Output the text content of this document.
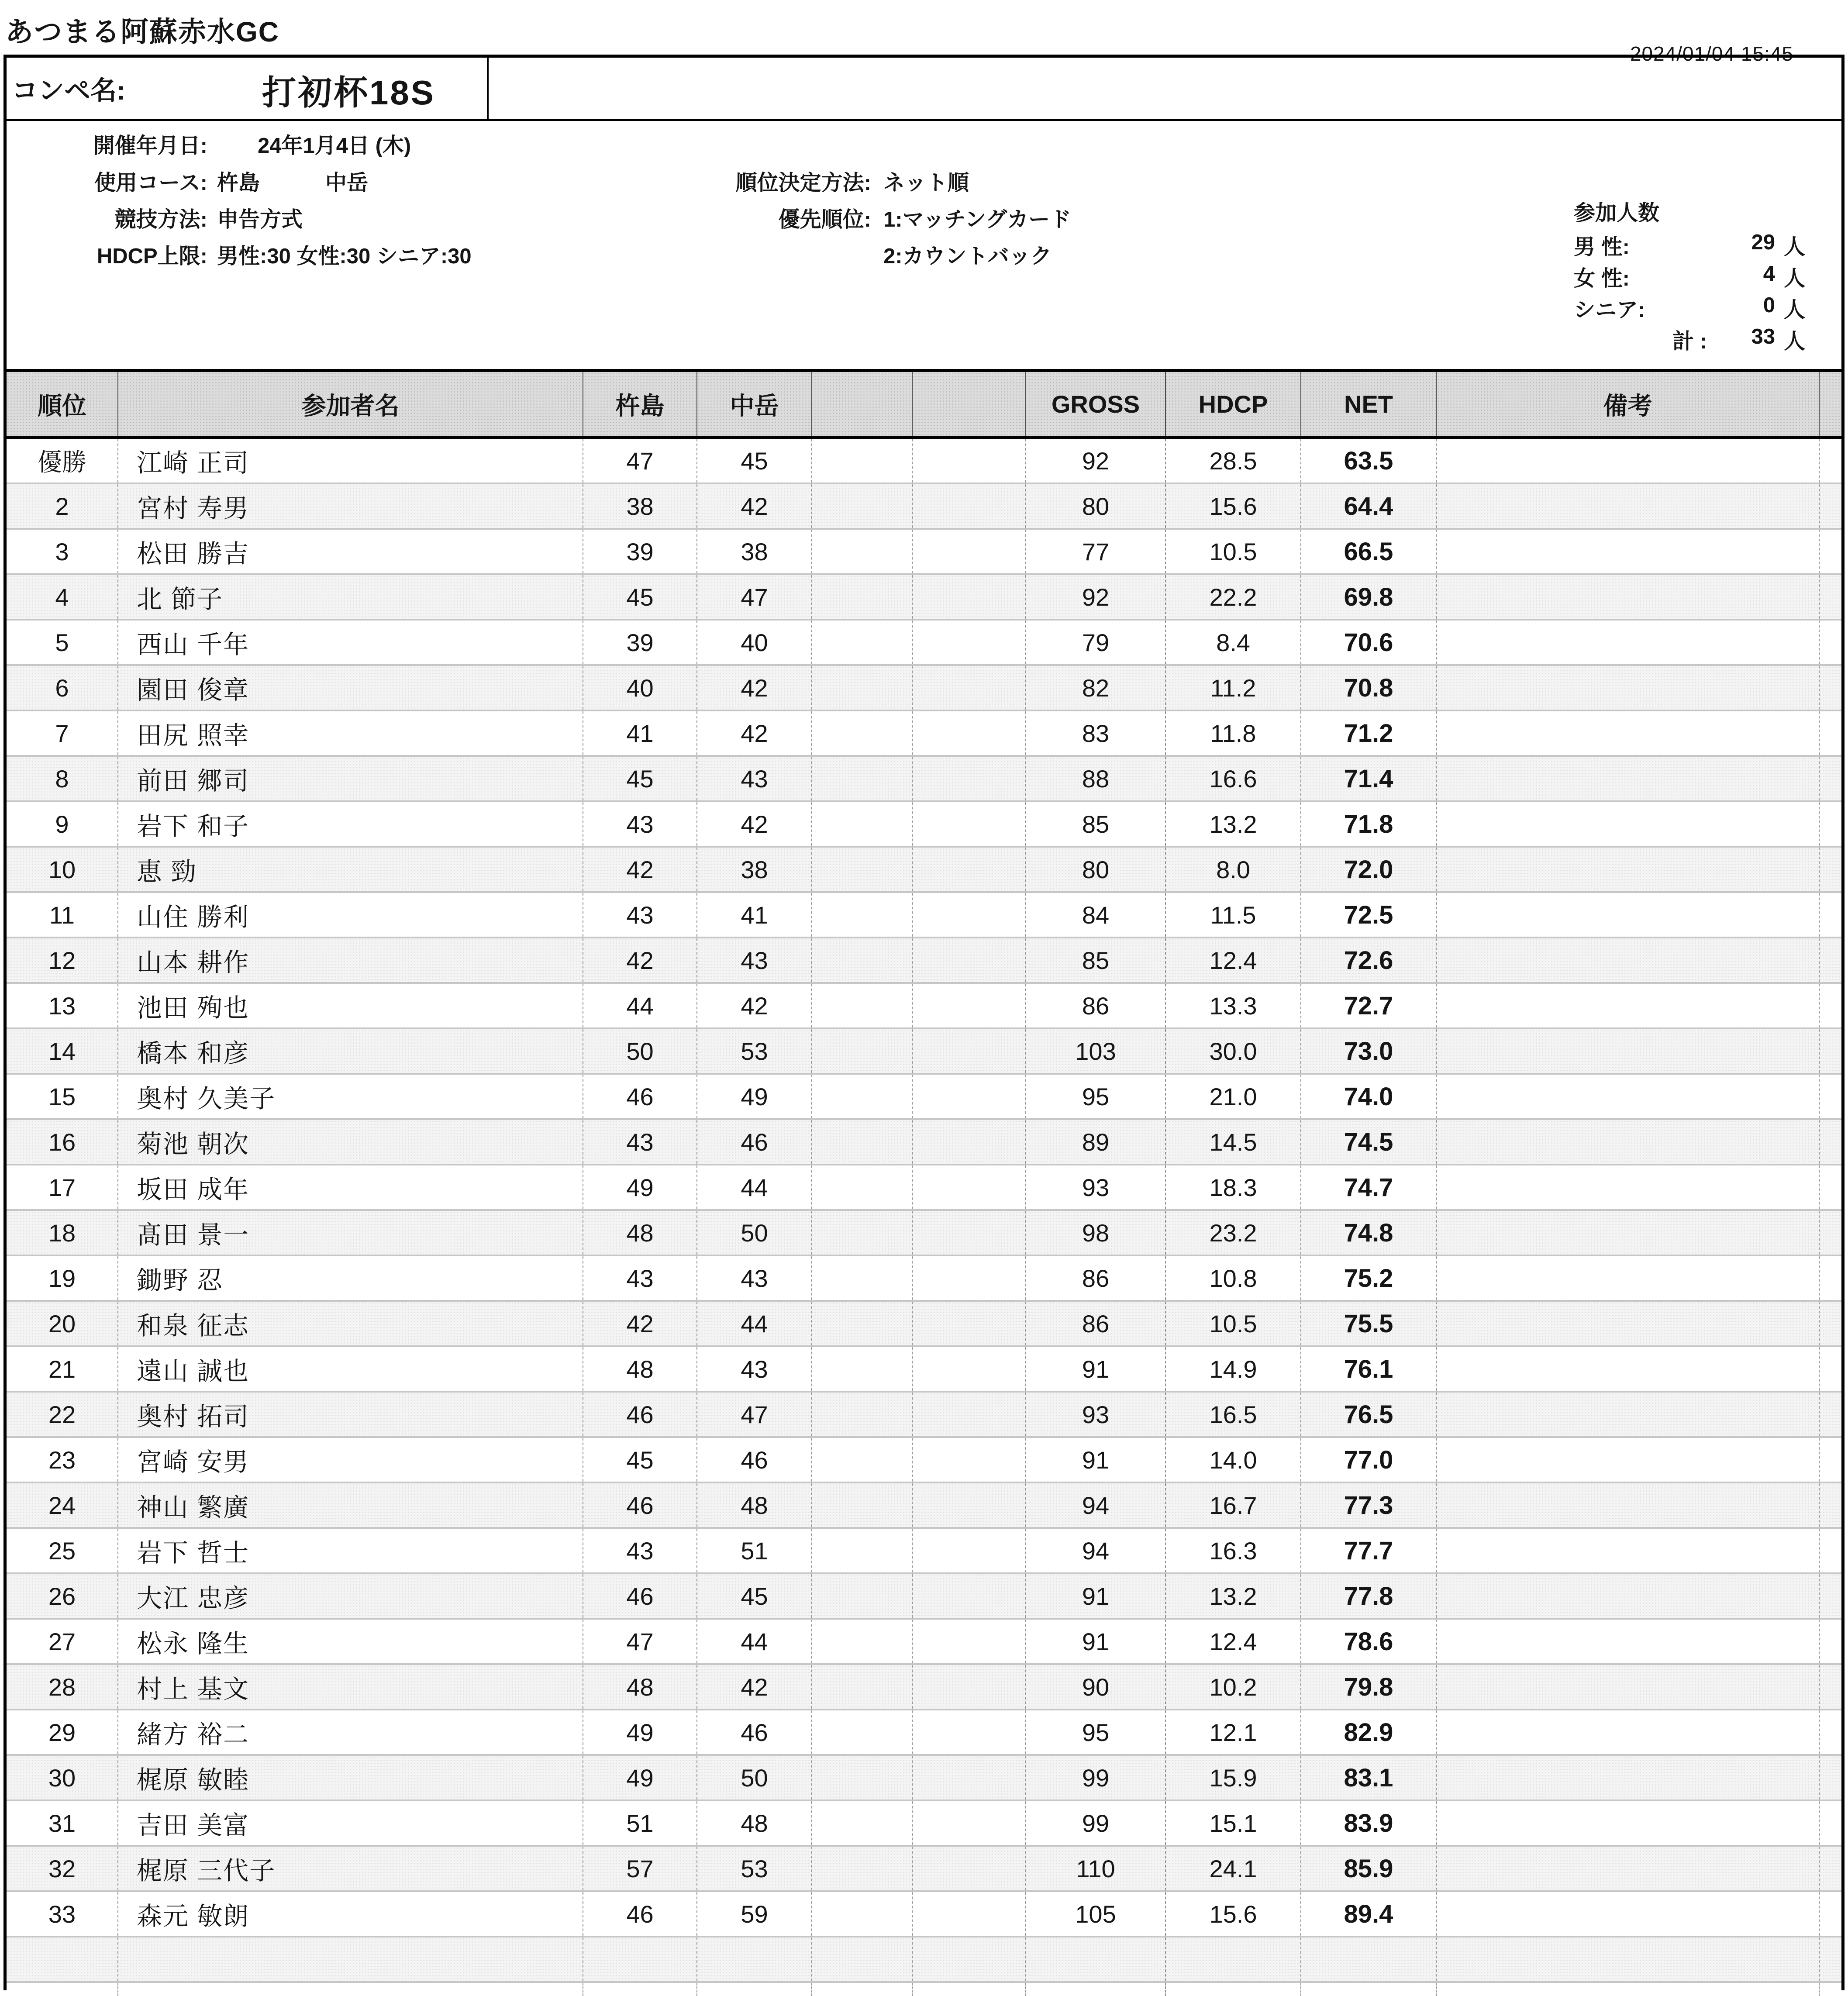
あつまる阿蘇赤水GC
2024/01/04 15:45
コンペ名:	打初杯18S
開催年月日: 24年1月4日 (木)
使用コース: 杵島	中岳
競技方法: 申告方式
HDCP上限: 男性:30 女性:30 シニア:30
順位決定方法: ネット順
優先順位: 1:マッチングカード
2:カウントバック
参加人数
男 性:	29 人
女 性:	4 人
シニア:	0 人
計 :	33 人
順位	参加者名	杵島	中岳	GROSS	HDCP	NET	備考
優勝	江崎 正司	47	45	92	28.5	63.5
2	宮村 寿男	38	42	80	15.6	64.4
3	松田 勝吉	39	38	77	10.5	66.5
4	北 節子	45	47	92	22.2	69.8
5	西山 千年	39	40	79	8.4	70.6
6	園田 俊章	40	42	82	11.2	70.8
7	田尻 照幸	41	42	83	11.8	71.2
8	前田 郷司	45	43	88	16.6	71.4
9	岩下 和子	43	42	85	13.2	71.8
10	恵 勁	42	38	80	8.0	72.0
11	山住 勝利	43	41	84	11.5	72.5
12	山本 耕作	42	43	85	12.4	72.6
13	池田 殉也	44	42	86	13.3	72.7
14	橋本 和彦	50	53	103	30.0	73.0
15	奥村 久美子	46	49	95	21.0	74.0
16	菊池 朝次	43	46	89	14.5	74.5
17	坂田 成年	49	44	93	18.3	74.7
18	髙田 景一	48	50	98	23.2	74.8
19	鋤野 忍	43	43	86	10.8	75.2
20	和泉 征志	42	44	86	10.5	75.5
21	遠山 誠也	48	43	91	14.9	76.1
22	奥村 拓司	46	47	93	16.5	76.5
23	宮崎 安男	45	46	91	14.0	77.0
24	神山 繁廣	46	48	94	16.7	77.3
25	岩下 哲士	43	51	94	16.3	77.7
26	大江 忠彦	46	45	91	13.2	77.8
27	松永 隆生	47	44	91	12.4	78.6
28	村上 基文	48	42	90	10.2	79.8
29	緒方 裕二	49	46	95	12.1	82.9
30	梶原 敏睦	49	50	99	15.9	83.1
31	吉田 美富	51	48	99	15.1	83.9
32	梶原 三代子	57	53	110	24.1	85.9
33	森元 敏朗	46	59	105	15.6	89.4
